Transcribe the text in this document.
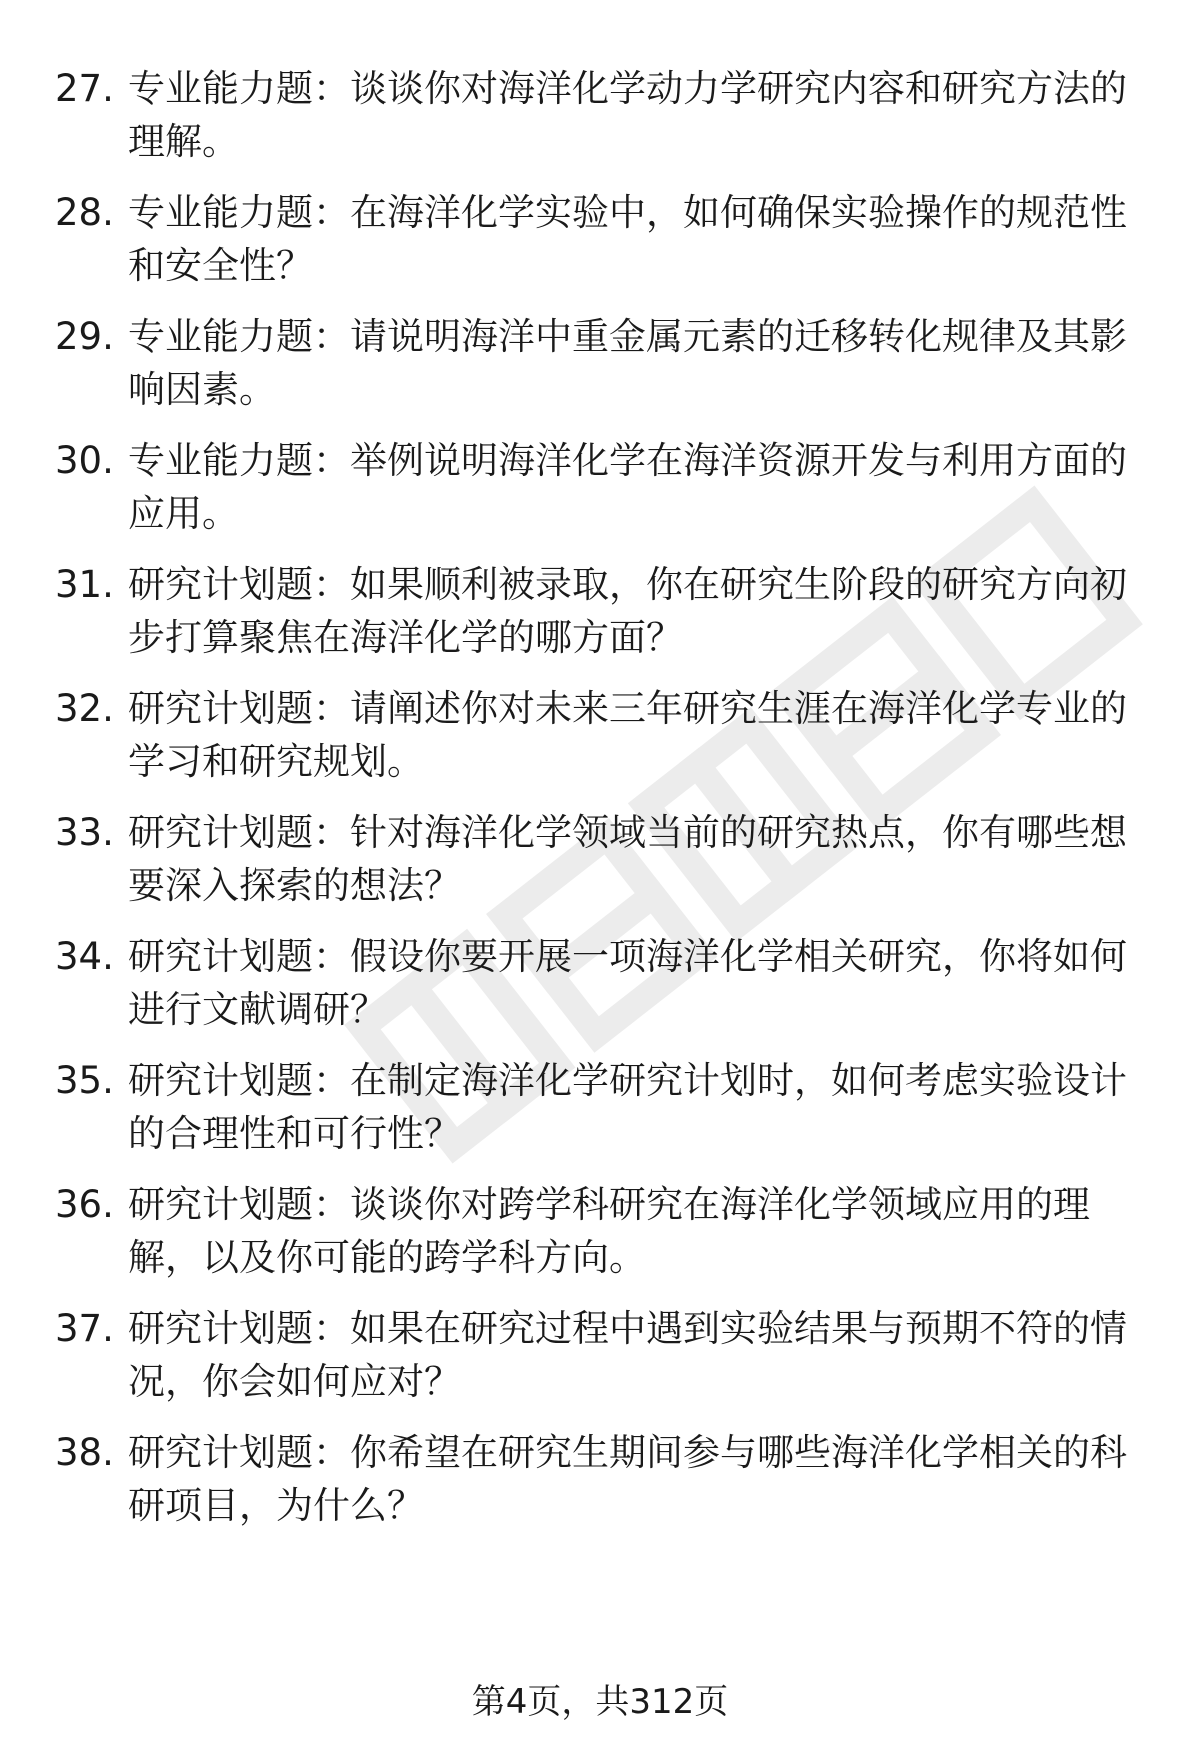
27. 专业能力题：谈谈你对海洋化学动力学研究内容和研究方法的理解。
28. 专业能力题：在海洋化学实验中，如何确保实验操作的规范性和安全性？
29. 专业能力题：请说明海洋中重金属元素的迁移转化规律及其影响因素。
30. 专业能力题：举例说明海洋化学在海洋资源开发与利用方面的应用。
31. 研究计划题：如果顺利被录取，你在研究生阶段的研究方向初步打算聚焦在海洋化学的哪方面？
32. 研究计划题：请阐述你对未来三年研究生涯在海洋化学专业的学习和研究规划。
33. 研究计划题：针对海洋化学领域当前的研究热点，你有哪些想要深入探索的想法？
34. 研究计划题：假设你要开展一项海洋化学相关研究，你将如何进行文献调研？
35. 研究计划题：在制定海洋化学研究计划时，如何考虑实验设计的合理性和可行性？
36. 研究计划题：谈谈你对跨学科研究在海洋化学领域应用的理解，以及你可能的跨学科方向。
37. 研究计划题：如果在研究过程中遇到实验结果与预期不符的情况，你会如何应对？
38. 研究计划题：你希望在研究生期间参与哪些海洋化学相关的科研项目，为什么？
第4页，共312页
